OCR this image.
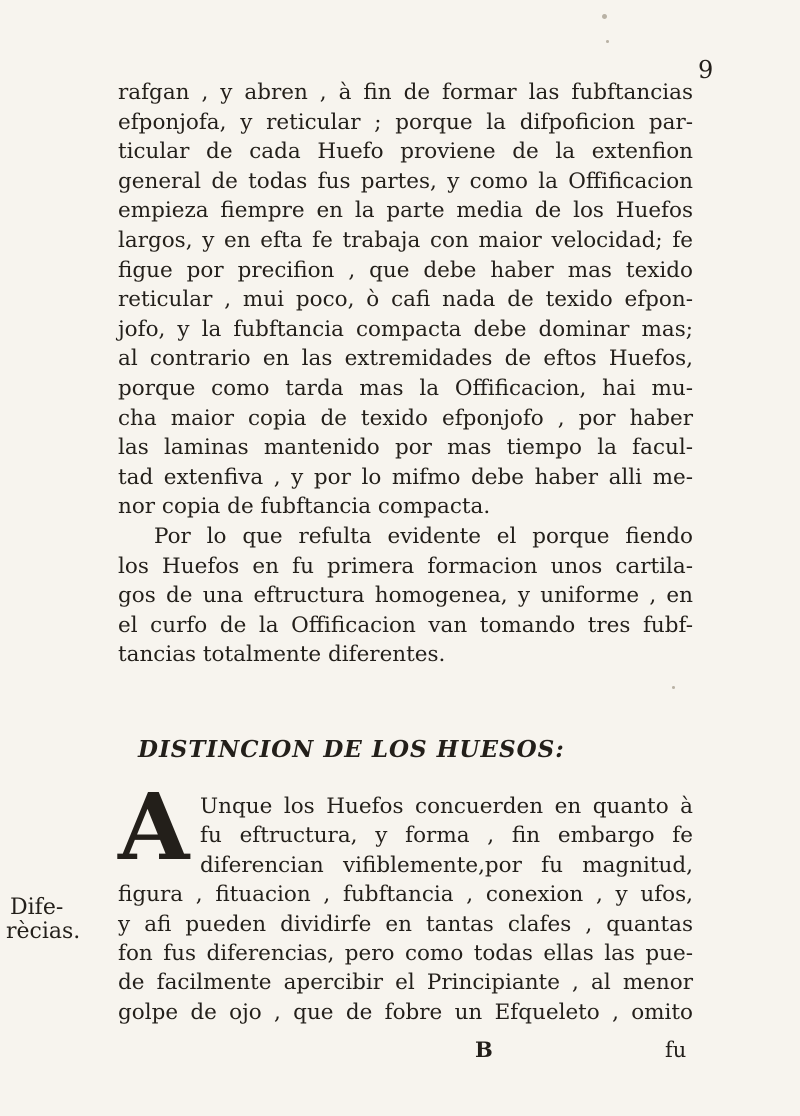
9
rafgan , y abren , à fin de formar las fubftancias
efponjofa, y reticular ; porque la difpoficion par-
ticular de cada Huefo proviene de la extenfion
general de todas fus partes, y como la Offificacion
empieza fiempre en la parte media de los Huefos
largos, y en efta fe trabaja con maior velocidad; fe
figue por precifion , que debe haber mas texido
reticular , mui poco, ò cafi nada de texido efpon-
jofo, y la fubftancia compacta debe dominar mas;
al contrario en las extremidades de eftos Huefos,
porque como tarda mas la Offificacion, hai mu-
cha maior copia de texido efponjofo , por haber
las laminas mantenido por mas tiempo la facul-
tad extenfiva , y por lo mifmo debe haber alli me-
nor copia de fubftancia compacta.
Por lo que refulta evidente el porque fiendo
los Huefos en fu primera formacion unos cartila-
gos de una eftructura homogenea, y uniforme , en
el curfo de la Offificacion van tomando tres fubf-
tancias totalmente diferentes.
DISTINCION DE LOS HUESOS:
A Unque los Huefos concuerden en quanto à
fu eftructura, y forma , fin embargo fe
diferencian vifiblemente,por fu magnitud,
figura , fituacion , fubftancia , conexion , y ufos,
y afi pueden dividirfe en tantas clafes , quantas
fon fus diferencias, pero como todas ellas las pue-
de facilmente apercibir el Principiante , al menor
golpe de ojo , que de fobre un Efqueleto , omito
B	fu
Dife-
rècias.
